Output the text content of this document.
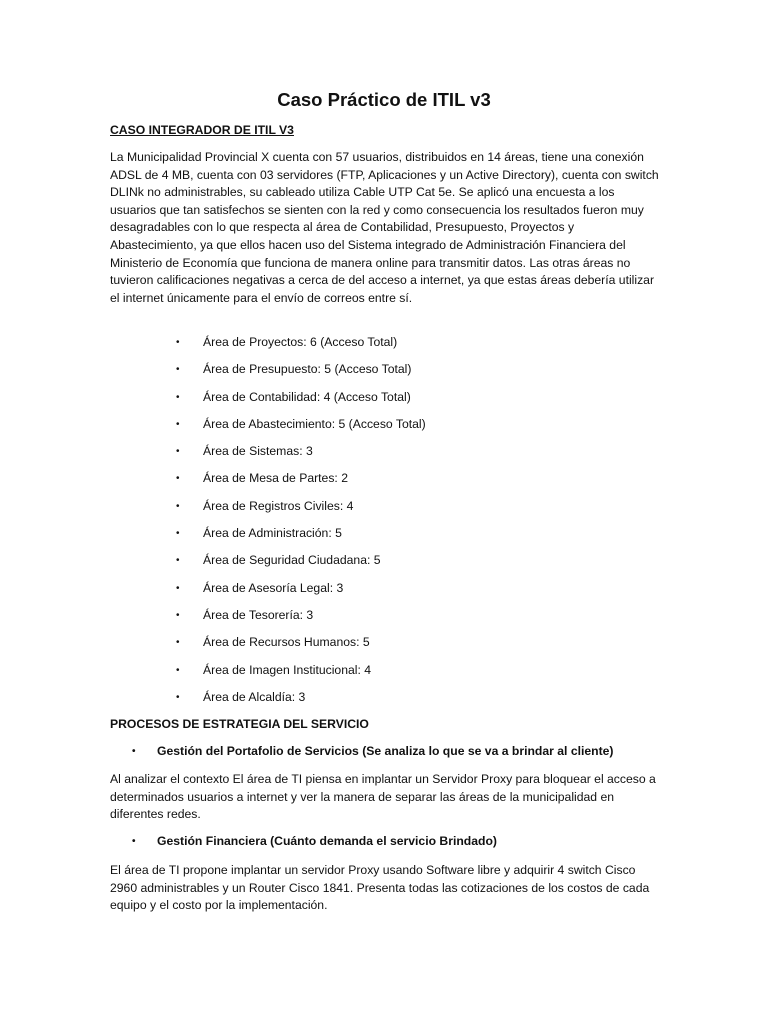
Caso Práctico de ITIL v3

CASO INTEGRADOR DE ITIL V3

La Municipalidad Provincial X cuenta con 57 usuarios, distribuidos en 14 áreas, tiene una conexión ADSL de 4 MB, cuenta con 03 servidores (FTP, Aplicaciones y un Active Directory), cuenta con switch DLINk no administrables, su cableado utiliza Cable UTP Cat 5e. Se aplicó una encuesta a los usuarios que tan satisfechos se sienten con la red y como consecuencia los resultados fueron muy desagradables con lo que respecta al área de Contabilidad, Presupuesto, Proyectos y Abastecimiento, ya que ellos hacen uso del Sistema integrado de Administración Financiera del Ministerio de Economía que funciona de manera online para transmitir datos. Las otras áreas no tuvieron calificaciones negativas a cerca de del acceso a internet, ya que estas áreas debería utilizar el internet únicamente para el envío de correos entre sí.

• Área de Proyectos: 6 (Acceso Total)
• Área de Presupuesto: 5 (Acceso Total)
• Área de Contabilidad: 4 (Acceso Total)
• Área de Abastecimiento: 5 (Acceso Total)
• Área de Sistemas: 3
• Área de Mesa de Partes: 2
• Área de Registros Civiles: 4
• Área de Administración: 5
• Área de Seguridad Ciudadana: 5
• Área de Asesoría Legal: 3
• Área de Tesorería: 3
• Área de Recursos Humanos: 5
• Área de Imagen Institucional: 4
• Área de Alcaldía: 3

PROCESOS DE ESTRATEGIA DEL SERVICIO

• Gestión del Portafolio de Servicios (Se analiza lo que se va a brindar al cliente)

Al analizar el contexto El área de TI piensa en implantar un Servidor Proxy para bloquear el acceso a determinados usuarios a internet y ver la manera de separar las áreas de la municipalidad en diferentes redes.

• Gestión Financiera (Cuánto demanda el servicio Brindado)

El área de TI propone implantar un servidor Proxy usando Software libre y adquirir 4 switch Cisco 2960 administrables y un Router Cisco 1841. Presenta todas las cotizaciones de los costos de cada equipo y el costo por la implementación.
